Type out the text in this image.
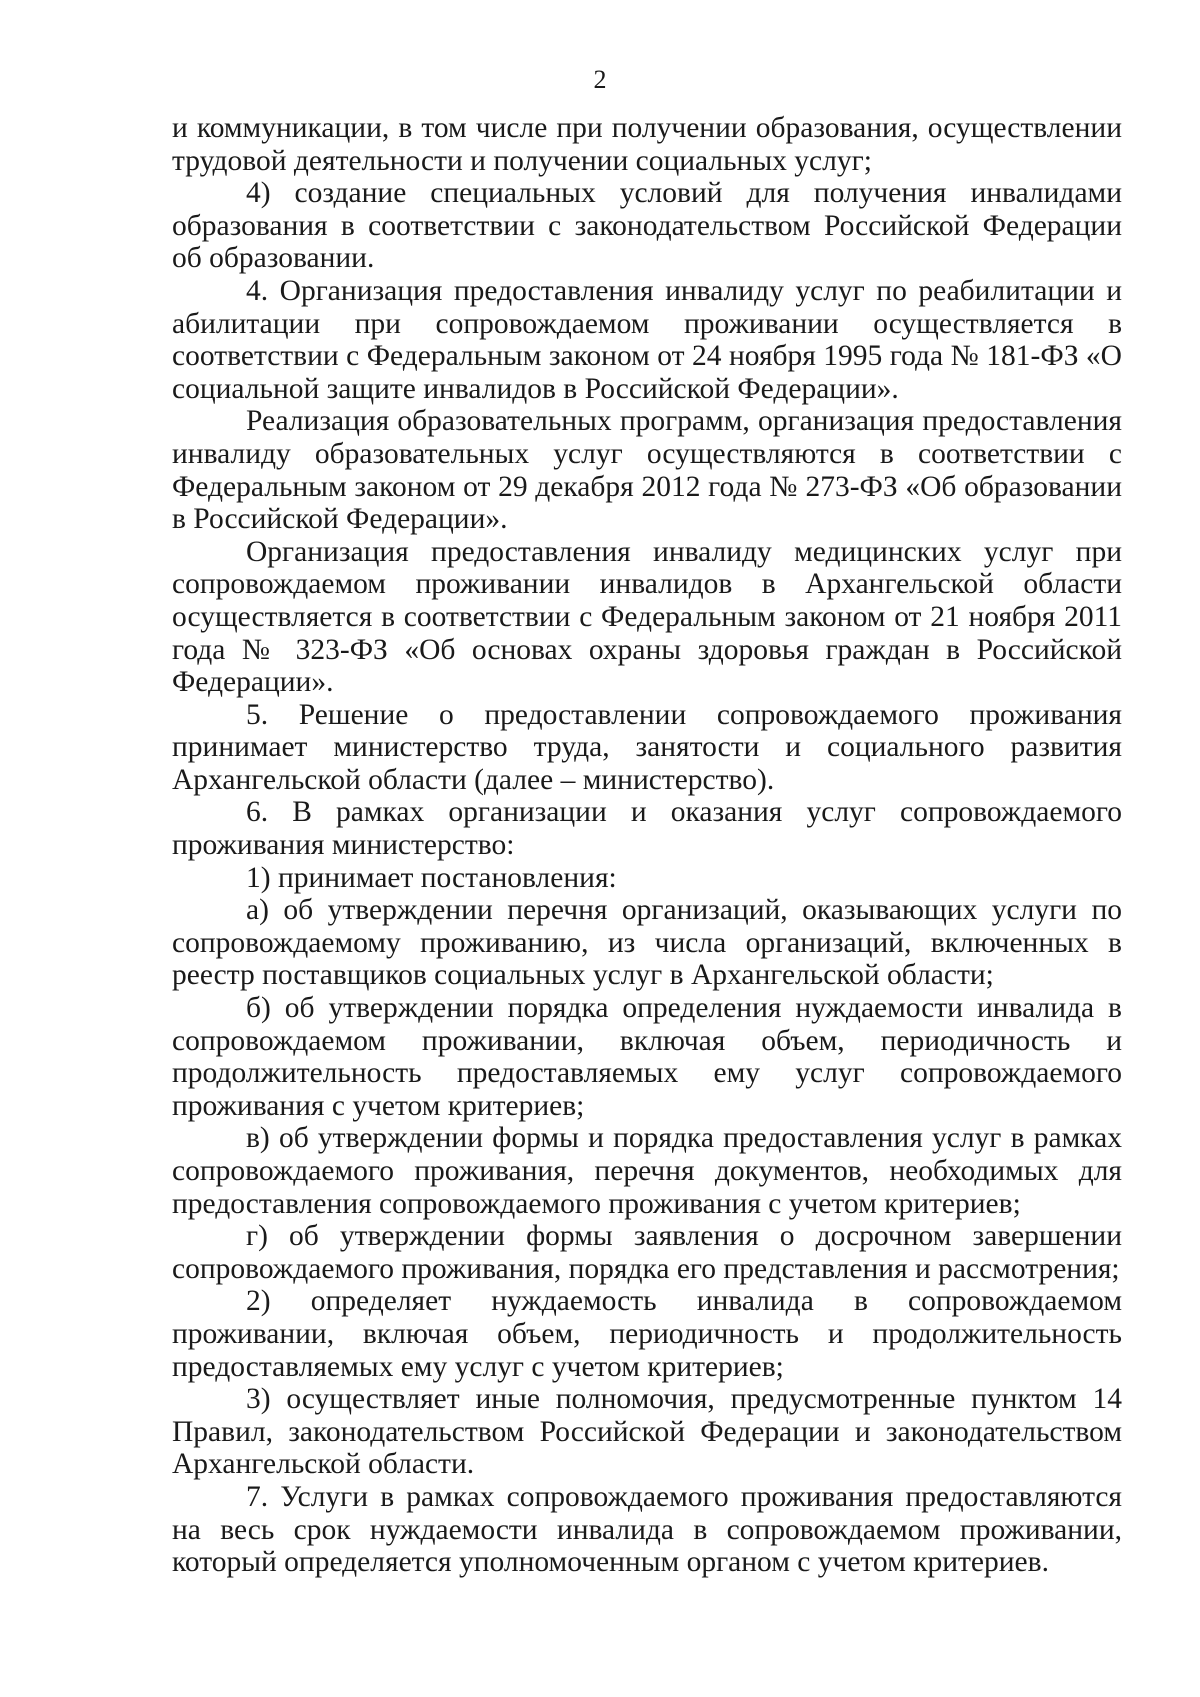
2

и коммуникации, в том числе при получении образования, осуществлении трудовой деятельности и получении социальных услуг;

4) создание специальных условий для получения инвалидами образования в соответствии с законодательством Российской Федерации об образовании.

4. Организация предоставления инвалиду услуг по реабилитации и абилитации при сопровождаемом проживании осуществляется в соответствии с Федеральным законом от 24 ноября 1995 года № 181-ФЗ «О социальной защите инвалидов в Российской Федерации».

Реализация образовательных программ, организация предоставления инвалиду образовательных услуг осуществляются в соответствии с Федеральным законом от 29 декабря 2012 года № 273-ФЗ «Об образовании в Российской Федерации».

Организация предоставления инвалиду медицинских услуг при сопровождаемом проживании инвалидов в Архангельской области осуществляется в соответствии с Федеральным законом от 21 ноября 2011 года № 323-ФЗ «Об основах охраны здоровья граждан в Российской Федерации».

5. Решение о предоставлении сопровождаемого проживания принимает министерство труда, занятости и социального развития Архангельской области (далее – министерство).

6. В рамках организации и оказания услуг сопровождаемого проживания министерство:

1) принимает постановления:

а) об утверждении перечня организаций, оказывающих услуги по сопровождаемому проживанию, из числа организаций, включенных в реестр поставщиков социальных услуг в Архангельской области;

б) об утверждении порядка определения нуждаемости инвалида в сопровождаемом проживании, включая объем, периодичность и продолжительность предоставляемых ему услуг сопровождаемого проживания с учетом критериев;

в) об утверждении формы и порядка предоставления услуг в рамках сопровождаемого проживания, перечня документов, необходимых для предоставления сопровождаемого проживания с учетом критериев;

г) об утверждении формы заявления о досрочном завершении сопровождаемого проживания, порядка его представления и рассмотрения;

2) определяет нуждаемость инвалида в сопровождаемом проживании, включая объем, периодичность и продолжительность предоставляемых ему услуг с учетом критериев;

3) осуществляет иные полномочия, предусмотренные пунктом 14 Правил, законодательством Российской Федерации и законодательством Архангельской области.

7. Услуги в рамках сопровождаемого проживания предоставляются на весь срок нуждаемости инвалида в сопровождаемом проживании, который определяется уполномоченным органом с учетом критериев.
